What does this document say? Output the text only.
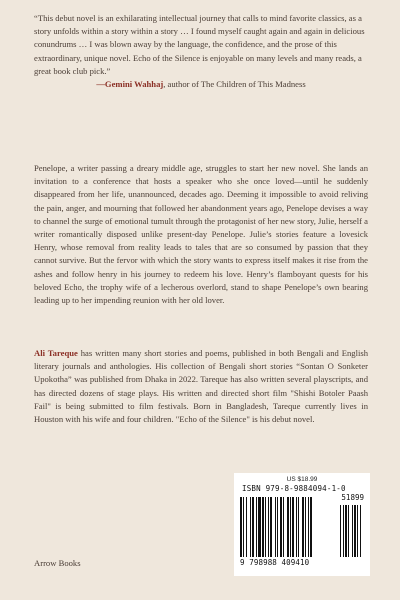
“This debut novel is an exhilarating intellectual journey that calls to mind favorite classics, as a story unfolds within a story within a story … I found myself caught again and again in delicious conundrums … I was blown away by the language, the confidence, and the prose of this extraordinary, unique novel. Echo of the Silence is enjoyable on many levels and many reads, a great book club pick.”
—Gemini Wahhaj, author of The Children of This Madness
Penelope, a writer passing a dreary middle age, struggles to start her new novel. She lands an invitation to a conference that hosts a speaker who she once loved—until he suddenly disappeared from her life, unannounced, decades ago. Deeming it impossible to avoid reliving the pain, anger, and mourning that followed her abandonment years ago, Penelope devises a way to channel the surge of emotional tumult through the protagonist of her new story, Julie, herself a writer romantically disposed unlike present-day Penelope. Julie’s stories feature a lovesick Henry, whose removal from reality leads to tales that are so consumed by passion that they cannot survive. But the fervor with which the story wants to express itself makes it rise from the ashes and follow henry in his journey to redeem his love. Henry’s flamboyant quests for his beloved Echo, the trophy wife of a lecherous overlord, stand to shape Penelope’s own bearing leading up to her impending reunion with her old lover.
Ali Tareque has written many short stories and poems, published in both Bengali and English literary journals and anthologies. His collection of Bengali short stories “Sontan O Sonketer Upokotha” was published from Dhaka in 2022. Tareque has also written several playscripts, and has directed dozens of stage plays. His written and directed short film "Shishi Botoler Paash Fail" is being submitted to film festivals. Born in Bangladesh, Tareque currently lives in Houston with his wife and four children. "Echo of the Silence" is his debut novel.
Arrow Books
US $18.99
ISBN 979-8-9884094-1-0
51899
9 798988 409410
